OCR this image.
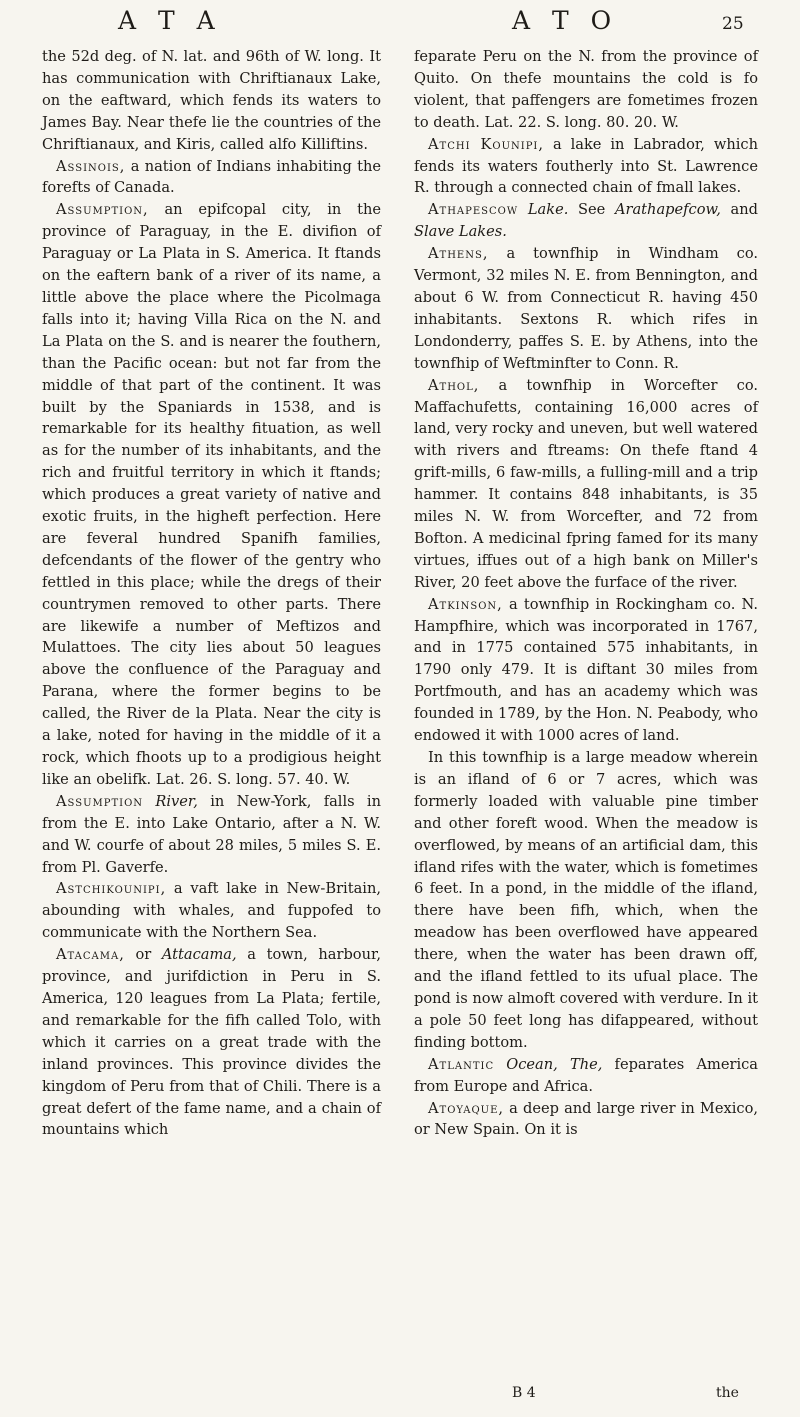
A T A	A T O	25

the 52d deg. of N. lat. and 96th of W. long. It has communication with Chriftianaux Lake, on the eaftward, which fends its waters to James Bay. Near thefe lie the countries of the Chriftianaux, and Kiris, called alfo Killiftins.

Assinois, a nation of Indians inhabiting the forefts of Canada.

Assumption, an epifcopal city, in the province of Paraguay, in the E. divifion of Paraguay or La Plata in S. America. It ftands on the eaftern bank of a river of its name, a little above the place where the Picolmaga falls into it; having Villa Rica on the N. and La Plata on the S. and is nearer the fouthern, than the Pacific ocean: but not far from the middle of that part of the continent. It was built by the Spaniards in 1538, and is remarkable for its healthy fituation, as well as for the number of its inhabitants, and the rich and fruitful territory in which it ftands; which produces a great variety of native and exotic fruits, in the higheft perfection. Here are feveral hundred Spanifh families, defcendants of the flower of the gentry who fettled in this place; while the dregs of their countrymen removed to other parts. There are likewife a number of Meftizos and Mulattoes. The city lies about 50 leagues above the confluence of the Paraguay and Parana, where the former begins to be called, the River de la Plata. Near the city is a lake, noted for having in the middle of it a rock, which fhoots up to a prodigious height like an obelifk. Lat. 26. S. long. 57. 40. W.

Assumption River, in New-York, falls in from the E. into Lake Ontario, after a N. W. and W. courfe of about 28 miles, 5 miles S. E. from Pl. Gaverfe.

Astchikounipi, a vaft lake in New-Britain, abounding with whales, and fuppofed to communicate with the Northern Sea.

Atacama, or Attacama, a town, harbour, province, and jurifdiction in Peru in S. America, 120 leagues from La Plata; fertile, and remarkable for the fifh called Tolo, with which it carries on a great trade with the inland provinces. This province divides the kingdom of Peru from that of Chili. There is a great defert of the fame name, and a chain of mountains which

feparate Peru on the N. from the province of Quito. On thefe mountains the cold is fo violent, that paffengers are fometimes frozen to death. Lat. 22. S. long. 80. 20. W.

Atchi Kounipi, a lake in Labrador, which fends its waters foutherly into St. Lawrence R. through a connected chain of fmall lakes.

Athapescow Lake. See Arathapefcow, and Slave Lakes.

Athens, a townfhip in Windham co. Vermont, 32 miles N. E. from Bennington, and about 6 W. from Connecticut R. having 450 inhabitants. Sextons R. which rifes in Londonderry, paffes S. E. by Athens, into the townfhip of Weftminfter to Conn. R.

Athol, a townfhip in Worcefter co. Maffachufetts, containing 16,000 acres of land, very rocky and uneven, but well watered with rivers and ftreams: On thefe ftand 4 grift-mills, 6 faw-mills, a fulling-mill and a trip hammer. It contains 848 inhabitants, is 35 miles N. W. from Worcefter, and 72 from Bofton. A medicinal fpring famed for its many virtues, iffues out of a high bank on Miller's River, 20 feet above the furface of the river.

Atkinson, a townfhip in Rockingham co. N. Hampfhire, which was incorporated in 1767, and in 1775 contained 575 inhabitants, in 1790 only 479. It is diftant 30 miles from Portfmouth, and has an academy which was founded in 1789, by the Hon. N. Peabody, who endowed it with 1000 acres of land.

In this townfhip is a large meadow wherein is an ifland of 6 or 7 acres, which was formerly loaded with valuable pine timber and other foreft wood. When the meadow is overflowed, by means of an artificial dam, this ifland rifes with the water, which is fometimes 6 feet. In a pond, in the middle of the ifland, there have been fifh, which, when the meadow has been overflowed have appeared there, when the water has been drawn off, and the ifland fettled to its ufual place. The pond is now almoft covered with verdure. In it a pole 50 feet long has difappeared, without finding bottom.

Atlantic Ocean, The, feparates America from Europe and Africa.

Atoyaque, a deep and large river in Mexico, or New Spain. On it is

B 4	the
